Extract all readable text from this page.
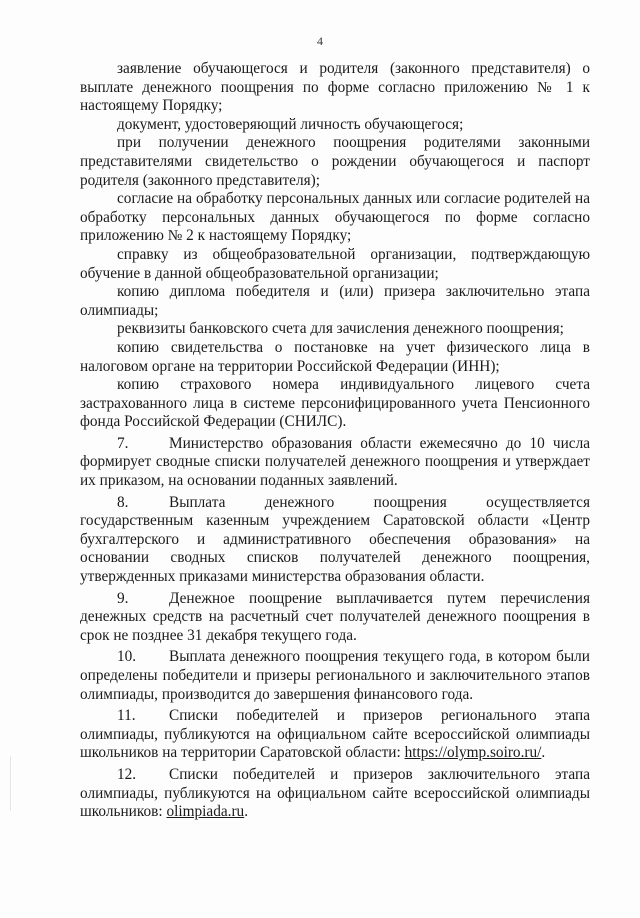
4

заявление обучающегося и родителя (законного представителя) о выплате денежного поощрения по форме согласно приложению № 1 к настоящему Порядку;

документ, удостоверяющий личность обучающегося;

при получении денежного поощрения родителями законными представителями свидетельство о рождении обучающегося и паспорт родителя (законного представителя);

согласие на обработку персональных данных или согласие родителей на обработку персональных данных обучающегося по форме согласно приложению № 2 к настоящему Порядку;

справку из общеобразовательной организации, подтверждающую обучение в данной общеобразовательной организации;

копию диплома победителя и (или) призера заключительно этапа олимпиады;

реквизиты банковского счета для зачисления денежного поощрения;

копию свидетельства о постановке на учет физического лица в налоговом органе на территории Российской Федерации (ИНН);

копию страхового номера индивидуального лицевого счета застрахованного лица в системе персонифицированного учета Пенсионного фонда Российской Федерации (СНИЛС).

7.	Министерство образования области ежемесячно до 10 числа формирует сводные списки получателей денежного поощрения и утверждает их приказом, на основании поданных заявлений.

8.	Выплата денежного поощрения осуществляется государственным казенным учреждением Саратовской области «Центр бухгалтерского и административного обеспечения образования» на основании сводных списков получателей денежного поощрения, утвержденных приказами министерства образования области.

9.	Денежное поощрение выплачивается путем перечисления денежных средств на расчетный счет получателей денежного поощрения в срок не позднее 31 декабря текущего года.

10. Выплата денежного поощрения текущего года, в котором были определены победители и призеры регионального и заключительного этапов олимпиады, производится до завершения финансового года.

11. Списки победителей и призеров регионального этапа олимпиады, публикуются на официальном сайте всероссийской олимпиады школьников на территории Саратовской области: https://olymp.soiro.ru/.

12. Списки победителей и призеров заключительного этапа олимпиады, публикуются на официальном сайте всероссийской олимпиады школьников: olimpiada.ru.
